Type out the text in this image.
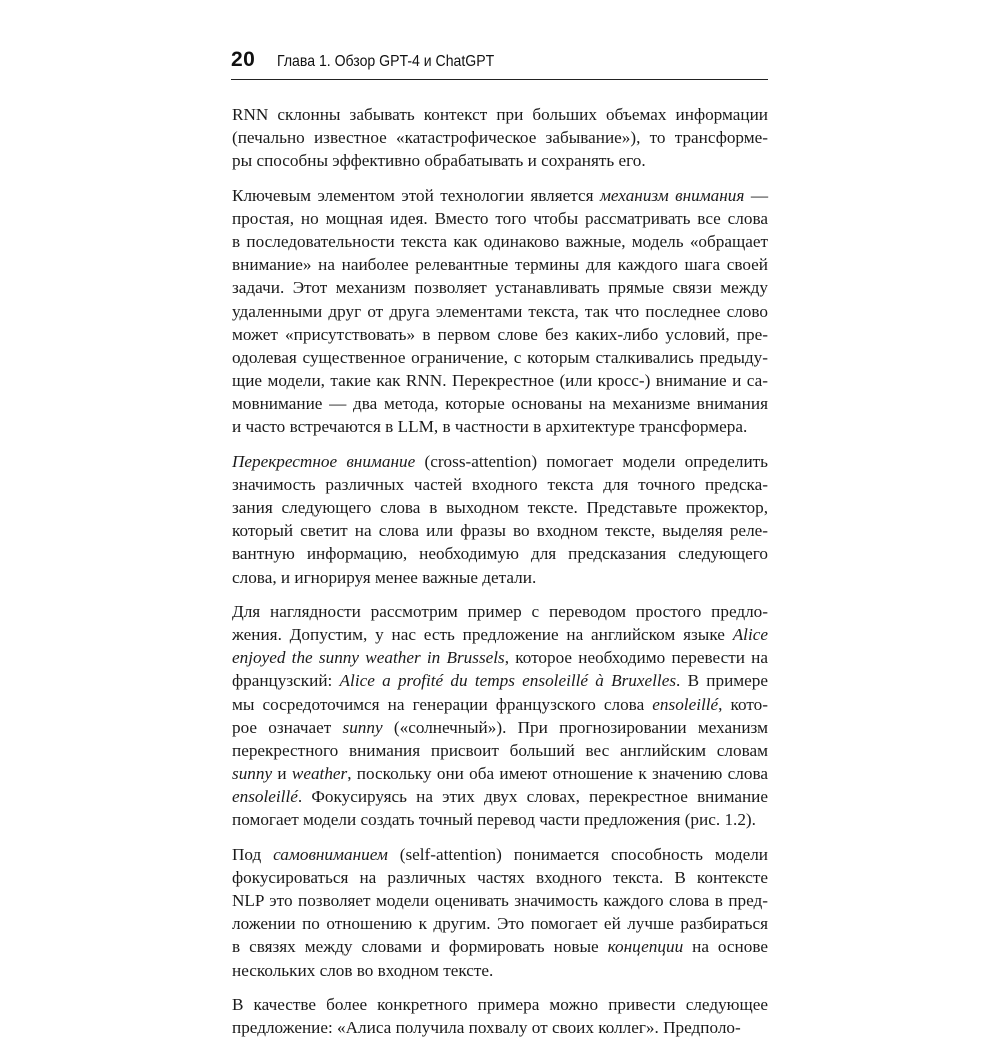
20 Глава 1. Обзор GPT-4 и ChatGPT
RNN склонны забывать контекст при больших объемах информации
(печально известное «катастрофическое забывание»), то трансформе-
ры способны эффективно обрабатывать и сохранять его.
Ключевым элементом этой технологии является механизм внимания —
простая, но мощная идея. Вместо того чтобы рассматривать все слова
в последовательности текста как одинаково важные, модель «обращает
внимание» на наиболее релевантные термины для каждого шага своей
задачи. Этот механизм позволяет устанавливать прямые связи между
удаленными друг от друга элементами текста, так что последнее слово
может «присутствовать» в первом слове без каких-либо условий, пре-
одолевая существенное ограничение, с которым сталкивались предыду-
щие модели, такие как RNN. Перекрестное (или кросс-) внимание и са-
мовнимание — два метода, которые основаны на механизме внимания
и часто встречаются в LLM, в частности в архитектуре трансформера.
Перекрестное внимание (cross-attention) помогает модели определить
значимость различных частей входного текста для точного предска-
зания следующего слова в выходном тексте. Представьте прожектор,
который светит на слова или фразы во входном тексте, выделяя реле-
вантную информацию, необходимую для предсказания следующего
слова, и игнорируя менее важные детали.
Для наглядности рассмотрим пример с переводом простого предло-
жения. Допустим, у нас есть предложение на английском языке Alice
enjoyed the sunny weather in Brussels, которое необходимо перевести на
французский: Alice a profité du temps ensoleillé à Bruxelles. В примере
мы сосредоточимся на генерации французского слова ensoleillé, кото-
рое означает sunny («солнечный»). При прогнозировании механизм
перекрестного внимания присвоит больший вес английским словам
sunny и weather, поскольку они оба имеют отношение к значению слова
ensoleillé. Фокусируясь на этих двух словах, перекрестное внимание
помогает модели создать точный перевод части предложения (рис. 1.2).
Под самовниманием (self-attention) понимается способность модели
фокусироваться на различных частях входного текста. В контексте
NLP это позволяет модели оценивать значимость каждого слова в пред-
ложении по отношению к другим. Это помогает ей лучше разбираться
в связях между словами и формировать новые концепции на основе
нескольких слов во входном тексте.
В качестве более конкретного примера можно привести следующее
предложение: «Алиса получила похвалу от своих коллег». Предполо-
